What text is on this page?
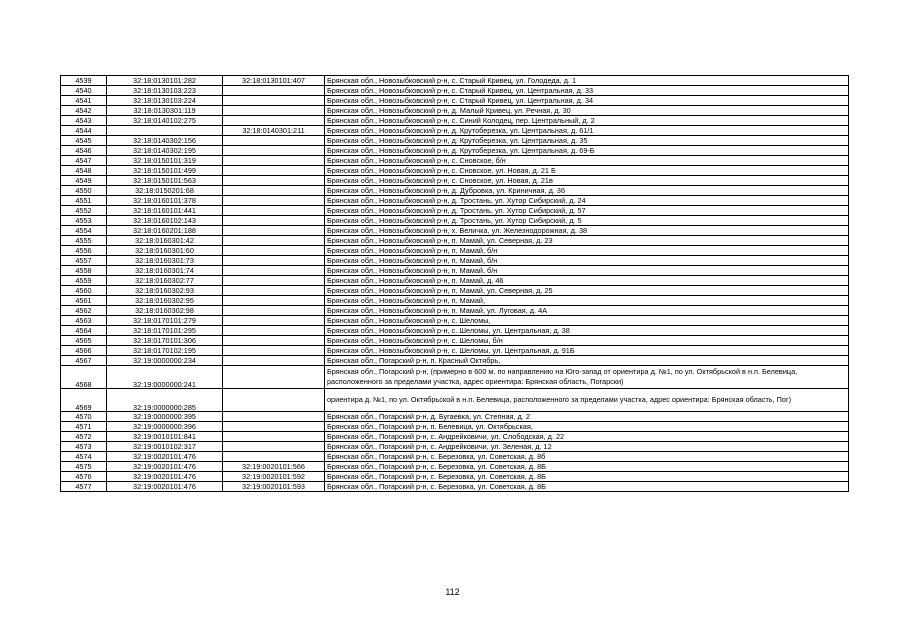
4539	32:18:0130101:282	32:18:0130101:407	Брянская обл., Новозыбковский р-н, с. Старый Кривец, ул. Голодеда, д. 1
4540	32:18:0130103:223		Брянская обл., Новозыбковский р-н, с. Старый Кривец, ул. Центральная, д. 33
4541	32:18:0130103:224		Брянская обл., Новозыбковский р-н, с. Старый Кривец, ул. Центральная, д. 34
4542	32:18:0130301:119		Брянская обл., Новозыбковский р-н, д. Малый Кривец, ул. Речная, д. 30
4543	32:18:0140102:275		Брянская обл., Новозыбковский р-н, с. Синий Колодец, пер. Центральный, д. 2
4544		32:18:0140301:211	Брянская обл., Новозыбковский р-н, д. Крутоберезка, ул. Центральная, д. 61/1
4545	32:18:0140302:156		Брянская обл., Новозыбковский р-н, д. Крутоберезка, ул. Центральная, д. 35
4546	32:18:0140302:195		Брянская обл., Новозыбковский р-н, д. Крутоберезка, ул. Центральная, д. 69-Б
4547	32:18:0150101:319		Брянская обл., Новозыбковский р-н, с. Сновское, б/н
4548	32:18:0150101:499		Брянская обл., Новозыбковский р-н, с. Сновское, ул. Новая, д. 21 Б
4549	32:18:0150101:563		Брянская обл., Новозыбковский р-н, с. Сновское, ул. Новая, д. 21в
4550	32:18:0150201:68		Брянская обл., Новозыбковский р-н, д. Дубровка, ул. Криничная, д. 36
4551	32:18:0160101:378		Брянская обл., Новозыбковский р-н, д. Тростань, ул. Хутор Сибирский, д. 24
4552	32:18:0160101:441		Брянская обл., Новозыбковский р-н, д. Тростань, ул. Хутор Сибирский, д. 57
4553	32:18:0160102:143		Брянская обл., Новозыбковский р-н, д. Тростань, ул. Хутор Сибирский, д. 5
4554	32:18:0160201:188		Брянская обл., Новозыбковский р-н, х. Величка, ул. Железнодорожная, д. 38
4555	32:18:0160301:42		Брянская обл., Новозыбковский р-н, п. Мамай, ул. Северная, д. 23
4556	32:18:0160301:60		Брянская обл., Новозыбковский р-н, п. Мамай, б/н
4557	32:18:0160301:73		Брянская обл., Новозыбковский р-н, п. Мамай, б/н
4558	32:18:0160301:74		Брянская обл., Новозыбковский р-н, п. Мамай, б/н
4559	32:18:0160302:77		Брянская обл., Новозыбковский р-н, п. Мамай, д. 46
4560	32:18:0160302:93		Брянская обл., Новозыбковский р-н, п. Мамай, ул. Северная, д. 25
4561	32:18:0160302:95		Брянская обл., Новозыбковский р-н, п. Мамай,
4562	32:18:0160302:98		Брянская обл., Новозыбковский р-н, п. Мамай, ул. Луговая, д. 4А
4563	32:18:0170101:279		Брянская обл., Новозыбковский р-н, с. Шеломы,
4564	32:18:0170101:295		Брянская обл., Новозыбковский р-н, с. Шеломы, ул. Центральная, д. 38
4565	32:18:0170101:306		Брянская обл., Новозыбковский р-н, с. Шеломы, б/н
4566	32:18:0170102:195		Брянская обл., Новозыбковский р-н, с. Шеломы, ул. Центральная, д. 91Б
4567	32:19:0000000:234		Брянская обл., Погарский р-н, п. Красный Октябрь,
4568	32:19:0000000:241		Брянская обл., Погарский р-н, (примерно в 600 м. по направлению на Юго-запад от ориентира д. №1, по ул. Октябрьской в н.п. Белевица, расположенного за пределами участка, адрес ориентира: Брянская область, Погарски)
4569	32:19:0000000:285		ориентира д. №1, по ул. Октябрьской в н.п. Белевица, расположенного за пределами участка, адрес ориентира: Брянская область, Пог)
4570	32:19:0000000:395		Брянская обл., Погарский р-н, д. Бугаевка, ул. Степная, д. 2
4571	32:19:0000000:396		Брянская обл., Погарский р-н, п. Белевица, ул. Октябрьская,
4572	32:19:0010101:841		Брянская обл., Погарский р-н, с. Андрейковичи, ул. Слободская, д. 22
4573	32:19:0010102:317		Брянская обл., Погарский р-н, с. Андрейковичи, ул. Зеленая, д. 12
4574	32:19:0020101:476		Брянская обл., Погарский р-н, с. Березовка, ул. Советская, д. 8б
4575	32:19:0020101:476	32:19:0020101:566	Брянская обл., Погарский р-н, с. Березовка, ул. Советская, д. 8Б
4576	32:19:0020101:476	32:19:0020101:592	Брянская обл., Погарский р-н, с. Березовка, ул. Советская, д. 8Б
4577	32:19:0020101:476	32:19:0020101:593	Брянская обл., Погарский р-н, с. Березовка, ул. Советская, д. 8Б
112
